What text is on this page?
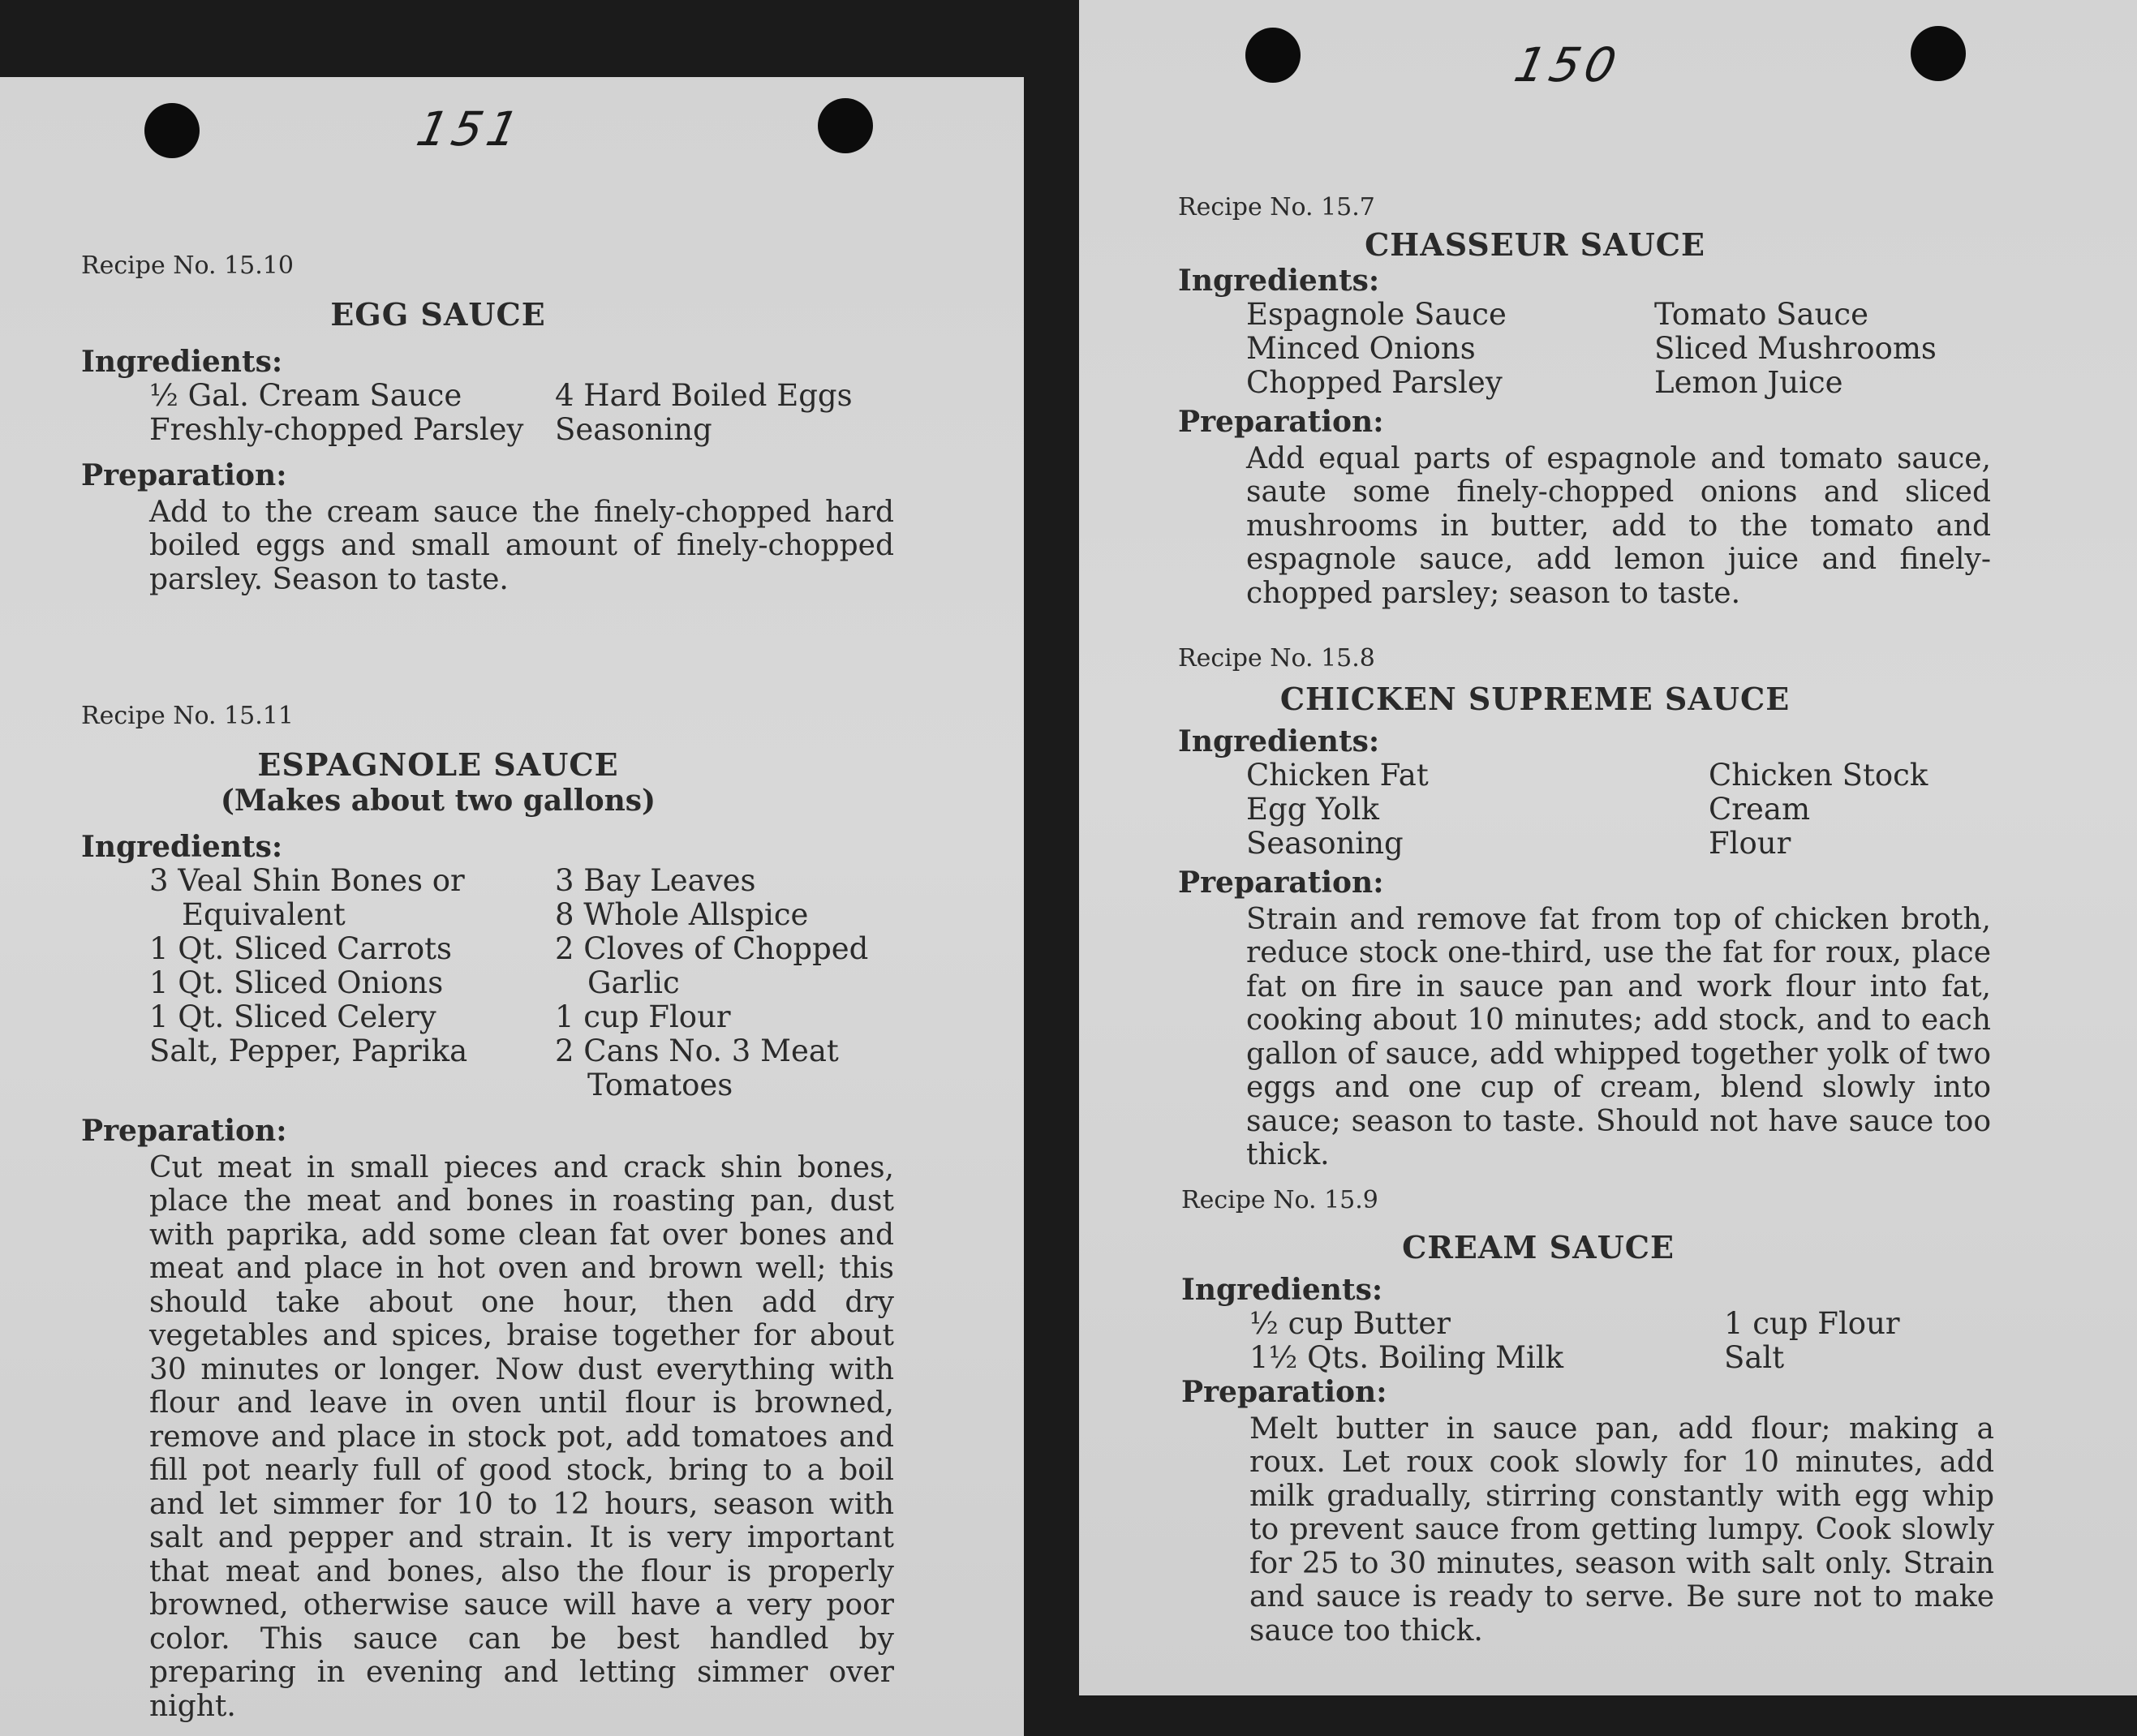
151
Recipe No. 15.10
EGG SAUCE
Ingredients:
½ Gal. Cream Sauce
Freshly-chopped Parsley
4 Hard Boiled Eggs
Seasoning
Preparation:
Add to the cream sauce the finely-chopped hard boiled eggs and small amount of finely-chopped parsley. Season to taste.
Recipe No. 15.11
ESPAGNOLE SAUCE
(Makes about two gallons)
Ingredients:
3 Veal Shin Bones or
Equivalent
1 Qt. Sliced Carrots
1 Qt. Sliced Onions
1 Qt. Sliced Celery
Salt, Pepper, Paprika
3 Bay Leaves
8 Whole Allspice
2 Cloves of Chopped
Garlic
1 cup Flour
2 Cans No. 3 Meat
Tomatoes
Preparation:
Cut meat in small pieces and crack shin bones, place the meat and bones in roasting pan, dust with paprika, add some clean fat over bones and meat and place in hot oven and brown well; this should take about one hour, then add dry vegetables and spices, braise together for about 30 minutes or longer. Now dust everything with flour and leave in oven until flour is browned, remove and place in stock pot, add tomatoes and fill pot nearly full of good stock, bring to a boil and let simmer for 10 to 12 hours, season with salt and pepper and strain. It is very important that meat and bones, also the flour is properly browned, otherwise sauce will have a very poor color. This sauce can be best handled by preparing in evening and letting simmer over night.
150
Recipe No. 15.7
CHASSEUR SAUCE
Ingredients:
Espagnole Sauce
Minced Onions
Chopped Parsley
Tomato Sauce
Sliced Mushrooms
Lemon Juice
Preparation:
Add equal parts of espagnole and tomato sauce, saute some finely-chopped onions and sliced mushrooms in butter, add to the tomato and espagnole sauce, add lemon juice and finely-chopped parsley; season to taste.
Recipe No. 15.8
CHICKEN SUPREME SAUCE
Ingredients:
Chicken Fat
Egg Yolk
Seasoning
Chicken Stock
Cream
Flour
Preparation:
Strain and remove fat from top of chicken broth, reduce stock one-third, use the fat for roux, place fat on fire in sauce pan and work flour into fat, cooking about 10 minutes; add stock, and to each gallon of sauce, add whipped together yolk of two eggs and one cup of cream, blend slowly into sauce; season to taste. Should not have sauce too thick.
Recipe No. 15.9
CREAM SAUCE
Ingredients:
½ cup Butter
1½ Qts. Boiling Milk
1 cup Flour
Salt
Preparation:
Melt butter in sauce pan, add flour; making a roux. Let roux cook slowly for 10 minutes, add milk gradually, stirring constantly with egg whip to prevent sauce from getting lumpy. Cook slowly for 25 to 30 minutes, season with salt only. Strain and sauce is ready to serve. Be sure not to make sauce too thick.
